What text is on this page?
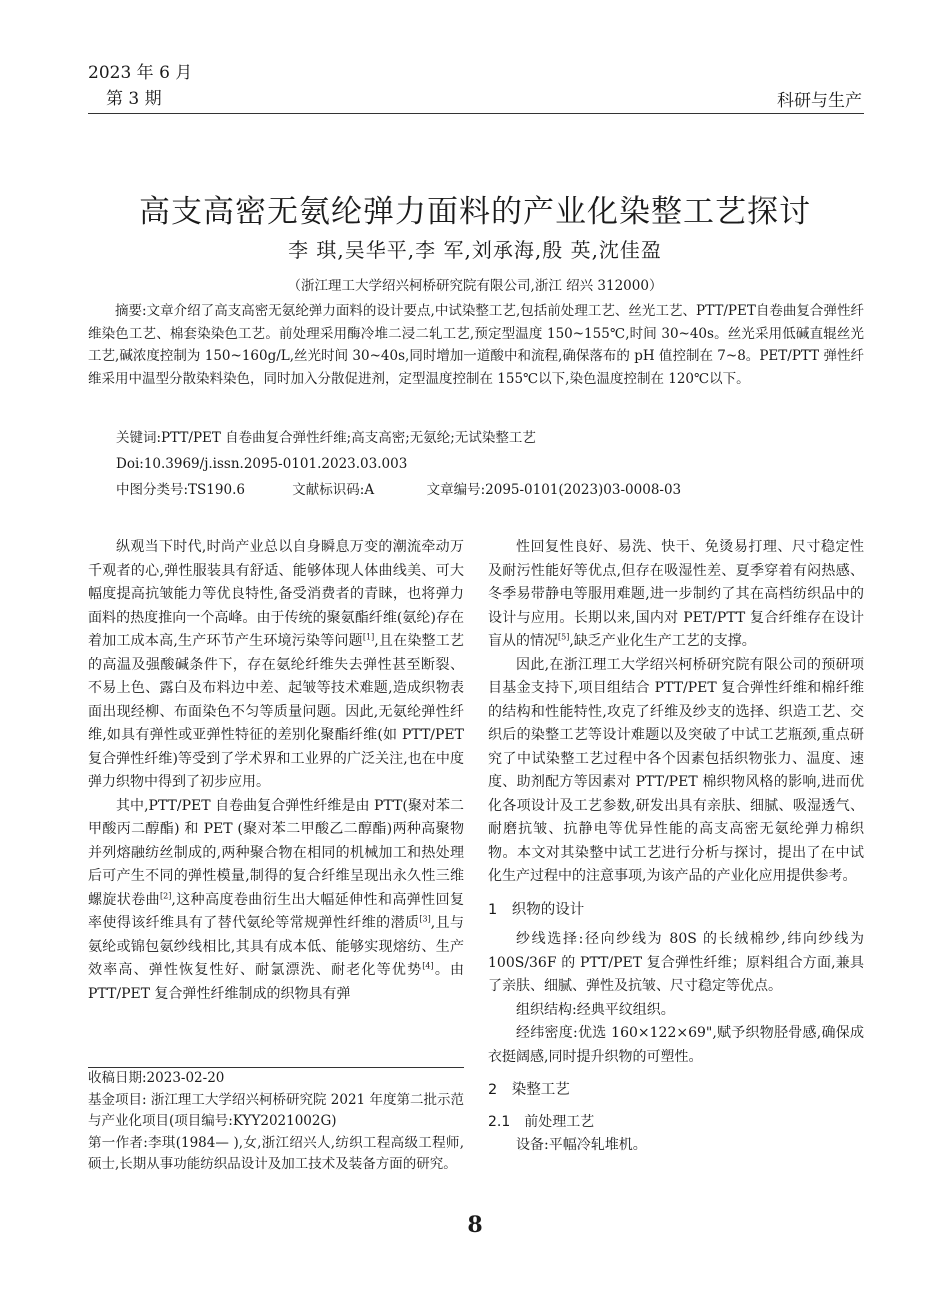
2023 年 6 月
第 3 期	科研与生产
高支高密无氨纶弹力面料的产业化染整工艺探讨
李 琪,吴华平,李 军,刘承海,殷 英,沈佳盈
（浙江理工大学绍兴柯桥研究院有限公司,浙江 绍兴 312000）

摘要:文章介绍了高支高密无氨纶弹力面料的设计要点,中试染整工艺,包括前处理工艺、丝光工艺、PTT/PET自卷曲复合弹性纤维染色工艺、棉套染染色工艺。前处理采用酶冷堆二浸二轧工艺,预定型温度 150~155℃,时间 30~40s。丝光采用低碱直辊丝光工艺,碱浓度控制为 150~160g/L,丝光时间 30~40s,同时增加一道酸中和流程,确保落布的 pH 值控制在 7~8。PET/PTT 弹性纤维采用中温型分散染料染色，同时加入分散促进剂，定型温度控制在 155℃以下,染色温度控制在 120℃以下。

关键词:PTT/PET 自卷曲复合弹性纤维;高支高密;无氨纶;无试染整工艺
Doi:10.3969/j.issn.2095-0101.2023.03.003
中图分类号:TS190.6	文献标识码:A	文章编号:2095-0101(2023)03-0008-03

纵观当下时代,时尚产业总以自身瞬息万变的潮流牵动万千观者的心,弹性服装具有舒适、能够体现人体曲线美、可大幅度提高抗皱能力等优良特性,备受消费者的青睐，也将弹力面料的热度推向一个高峰。由于传统的聚氨酯纤维(氨纶)存在着加工成本高,生产环节产生环境污染等问题[1],且在染整工艺的高温及强酸碱条件下，存在氨纶纤维失去弹性甚至断裂、不易上色、露白及布料边中差、起皱等技术难题,造成织物表面出现经柳、布面染色不匀等质量问题。因此,无氨纶弹性纤维,如具有弹性或亚弹性特征的差别化聚酯纤维(如 PTT/PET 复合弹性纤维)等受到了学术界和工业界的广泛关注,也在中度弹力织物中得到了初步应用。

其中,PTT/PET 自卷曲复合弹性纤维是由 PTT(聚对苯二甲酸丙二醇酯) 和 PET (聚对苯二甲酸乙二醇酯)两种高聚物并列熔融纺丝制成的,两种聚合物在相同的机械加工和热处理后可产生不同的弹性模量,制得的复合纤维呈现出永久性三维螺旋状卷曲[2],这种高度卷曲衍生出大幅延伸性和高弹性回复率使得该纤维具有了替代氨纶等常规弹性纤维的潜质[3],且与氨纶或锦包氨纱线相比,其具有成本低、能够实现熔纺、生产效率高、弹性恢复性好、耐氯漂洗、耐老化等优势[4]。由 PTT/PET 复合弹性纤维制成的织物具有弹

收稿日期:2023-02-20

基金项目: 浙江理工大学绍兴柯桥研究院 2021 年度第二批示范与产业化项目(项目编号:KYY2021002G)

第一作者:李琪(1984— ),女,浙江绍兴人,纺织工程高级工程师,硕士,长期从事功能纺织品设计及加工技术及装备方面的研究。

性回复性良好、易洗、快干、免烫易打理、尺寸稳定性及耐污性能好等优点,但存在吸湿性差、夏季穿着有闷热感、冬季易带静电等服用难题,进一步制约了其在高档纺织品中的设计与应用。长期以来,国内对 PET/PTT 复合纤维存在设计盲从的情况[5],缺乏产业化生产工艺的支撑。

因此,在浙江理工大学绍兴柯桥研究院有限公司的预研项目基金支持下,项目组结合 PTT/PET 复合弹性纤维和棉纤维的结构和性能特性,攻克了纤维及纱支的选择、织造工艺、交织后的染整工艺等设计难题以及突破了中试工艺瓶颈,重点研究了中试染整工艺过程中各个因素包括织物张力、温度、速度、助剂配方等因素对 PTT/PET 棉织物风格的影响,进而优化各项设计及工艺参数,研发出具有亲肤、细腻、吸湿透气、耐磨抗皱、抗静电等优异性能的高支高密无氨纶弹力棉织物。本文对其染整中试工艺进行分析与探讨，提出了在中试化生产过程中的注意事项,为该产品的产业化应用提供参考。

1　织物的设计

纱线选择:径向纱线为 80S 的长绒棉纱,纬向纱线为 100S/36F 的 PTT/PET 复合弹性纤维；原料组合方面,兼具了亲肤、细腻、弹性及抗皱、尺寸稳定等优点。

组织结构:经典平纹组织。

经纬密度:优选 160×122×69",赋予织物胫骨感,确保成衣挺阔感,同时提升织物的可塑性。

2　染整工艺

2.1　前处理工艺

设备:平幅冷轧堆机。

8
